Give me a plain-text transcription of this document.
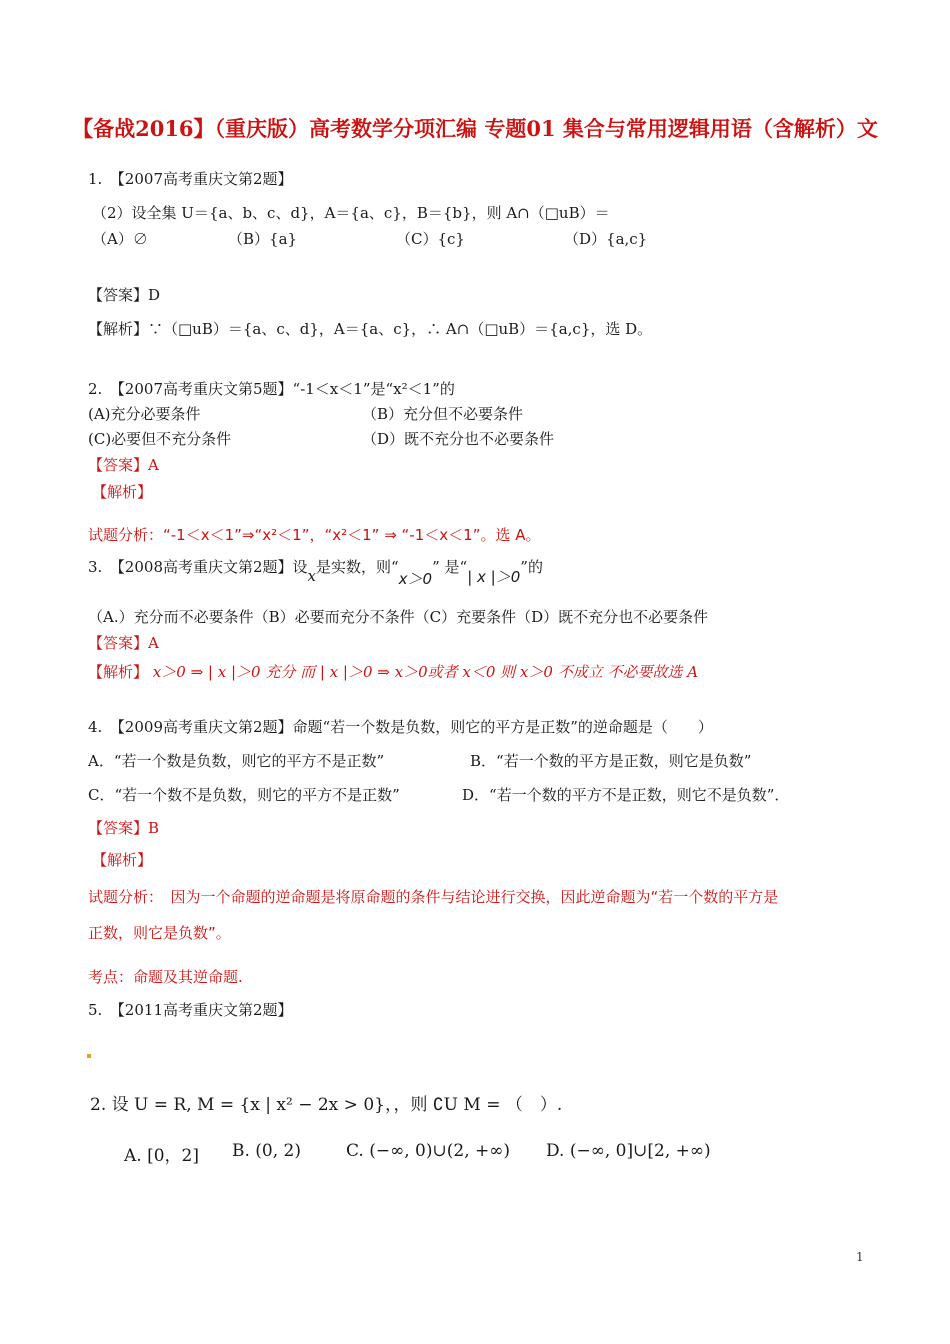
【备战2016】（重庆版）高考数学分项汇编 专题01 集合与常用逻辑用语（含解析）文
1.　【2007高考重庆文第2题】
（2）设全集 U＝{a、b、c、d}，A＝{a、c}，B＝{b}，则 A∩（□uB）＝
（A）∅	（B）{a}	（C）{c}	（D）{a,c}
【答案】D
【解析】∵（□uB）＝{a、c、d}，A＝{a、c}，∴ A∩（□uB）＝{a,c}，选 D。
2.　【2007高考重庆文第5题】“-1＜x＜1”是“x²＜1”的
(A)充分必要条件	（B）充分但不必要条件
(C)必要但不充分条件	（D）既不充分也不必要条件
【答案】A
【解析】
试题分析：“-1＜x＜1”⇒“x²＜1”，“x²＜1” ⇒ “-1＜x＜1”。选 A。
3.　【2008高考重庆文第2题】设x是实数，则“x＞0” 是“| x |＞0”的
（A.）充分而不必要条件（B）必要而充分不条件（C）充要条件（D）既不充分也不必要条件
【答案】A
【解析】 x＞0 ⇒ | x |＞0 充分 而 | x |＞0 ⇒ x＞0或者 x＜0 则 x＞0 不成立 不必要故选 A
4.　【2009高考重庆文第2题】命题“若一个数是负数，则它的平方是正数”的逆命题是（　　）
A．“若一个数是负数，则它的平方不是正数”	B．“若一个数的平方是正数，则它是负数”
C．“若一个数不是负数，则它的平方不是正数”	D．“若一个数的平方不是正数，则它不是负数”．
【答案】B
【解析】
试题分析：　因为一个命题的逆命题是将原命题的条件与结论进行交换，因此逆命题为“若一个数的平方是
正数，则它是负数”。
考点：命题及其逆命题.
5.　【2011高考重庆文第2题】
2. 设 U = R, M = {x | x² − 2x > 0}，，则 ∁U M = （　）.
A. [0，2] B. (0, 2)	C. (−∞, 0)∪(2, +∞) D. (−∞, 0]∪[2, +∞)
1
